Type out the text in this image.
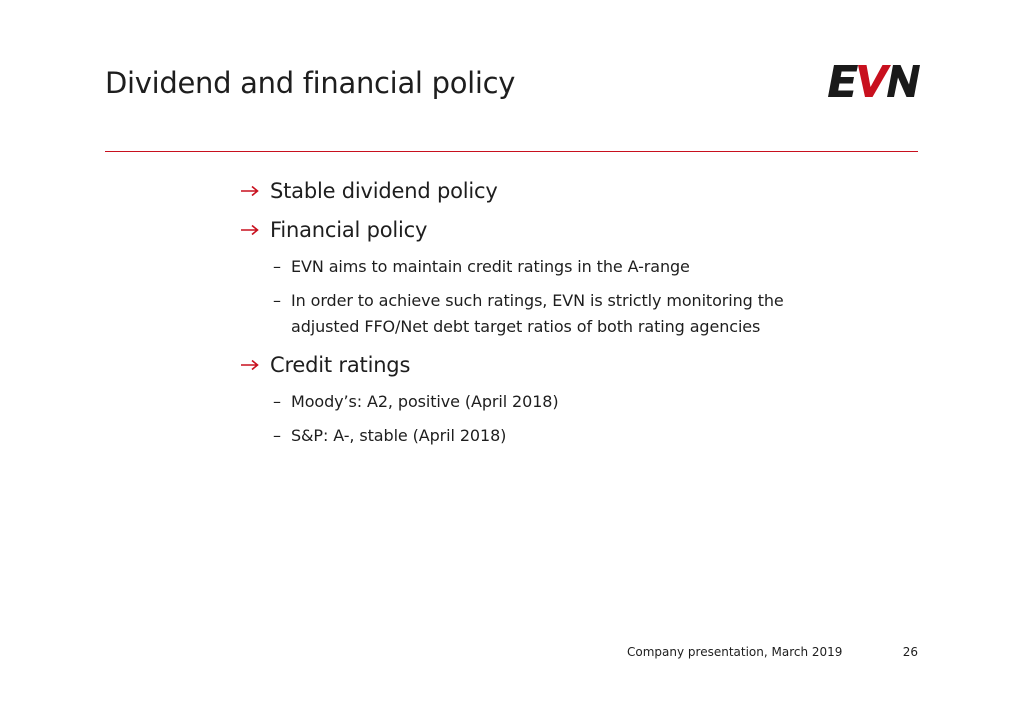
Dividend and financial policy
Stable dividend policy
Financial policy
– EVN aims to maintain credit ratings in the A-range
– In order to achieve such ratings, EVN is strictly monitoring the adjusted FFO/Net debt target ratios of both rating agencies
Credit ratings
– Moody’s: A2, positive (April 2018)
– S&P: A-, stable (April 2018)
Company presentation, March 2019	26
